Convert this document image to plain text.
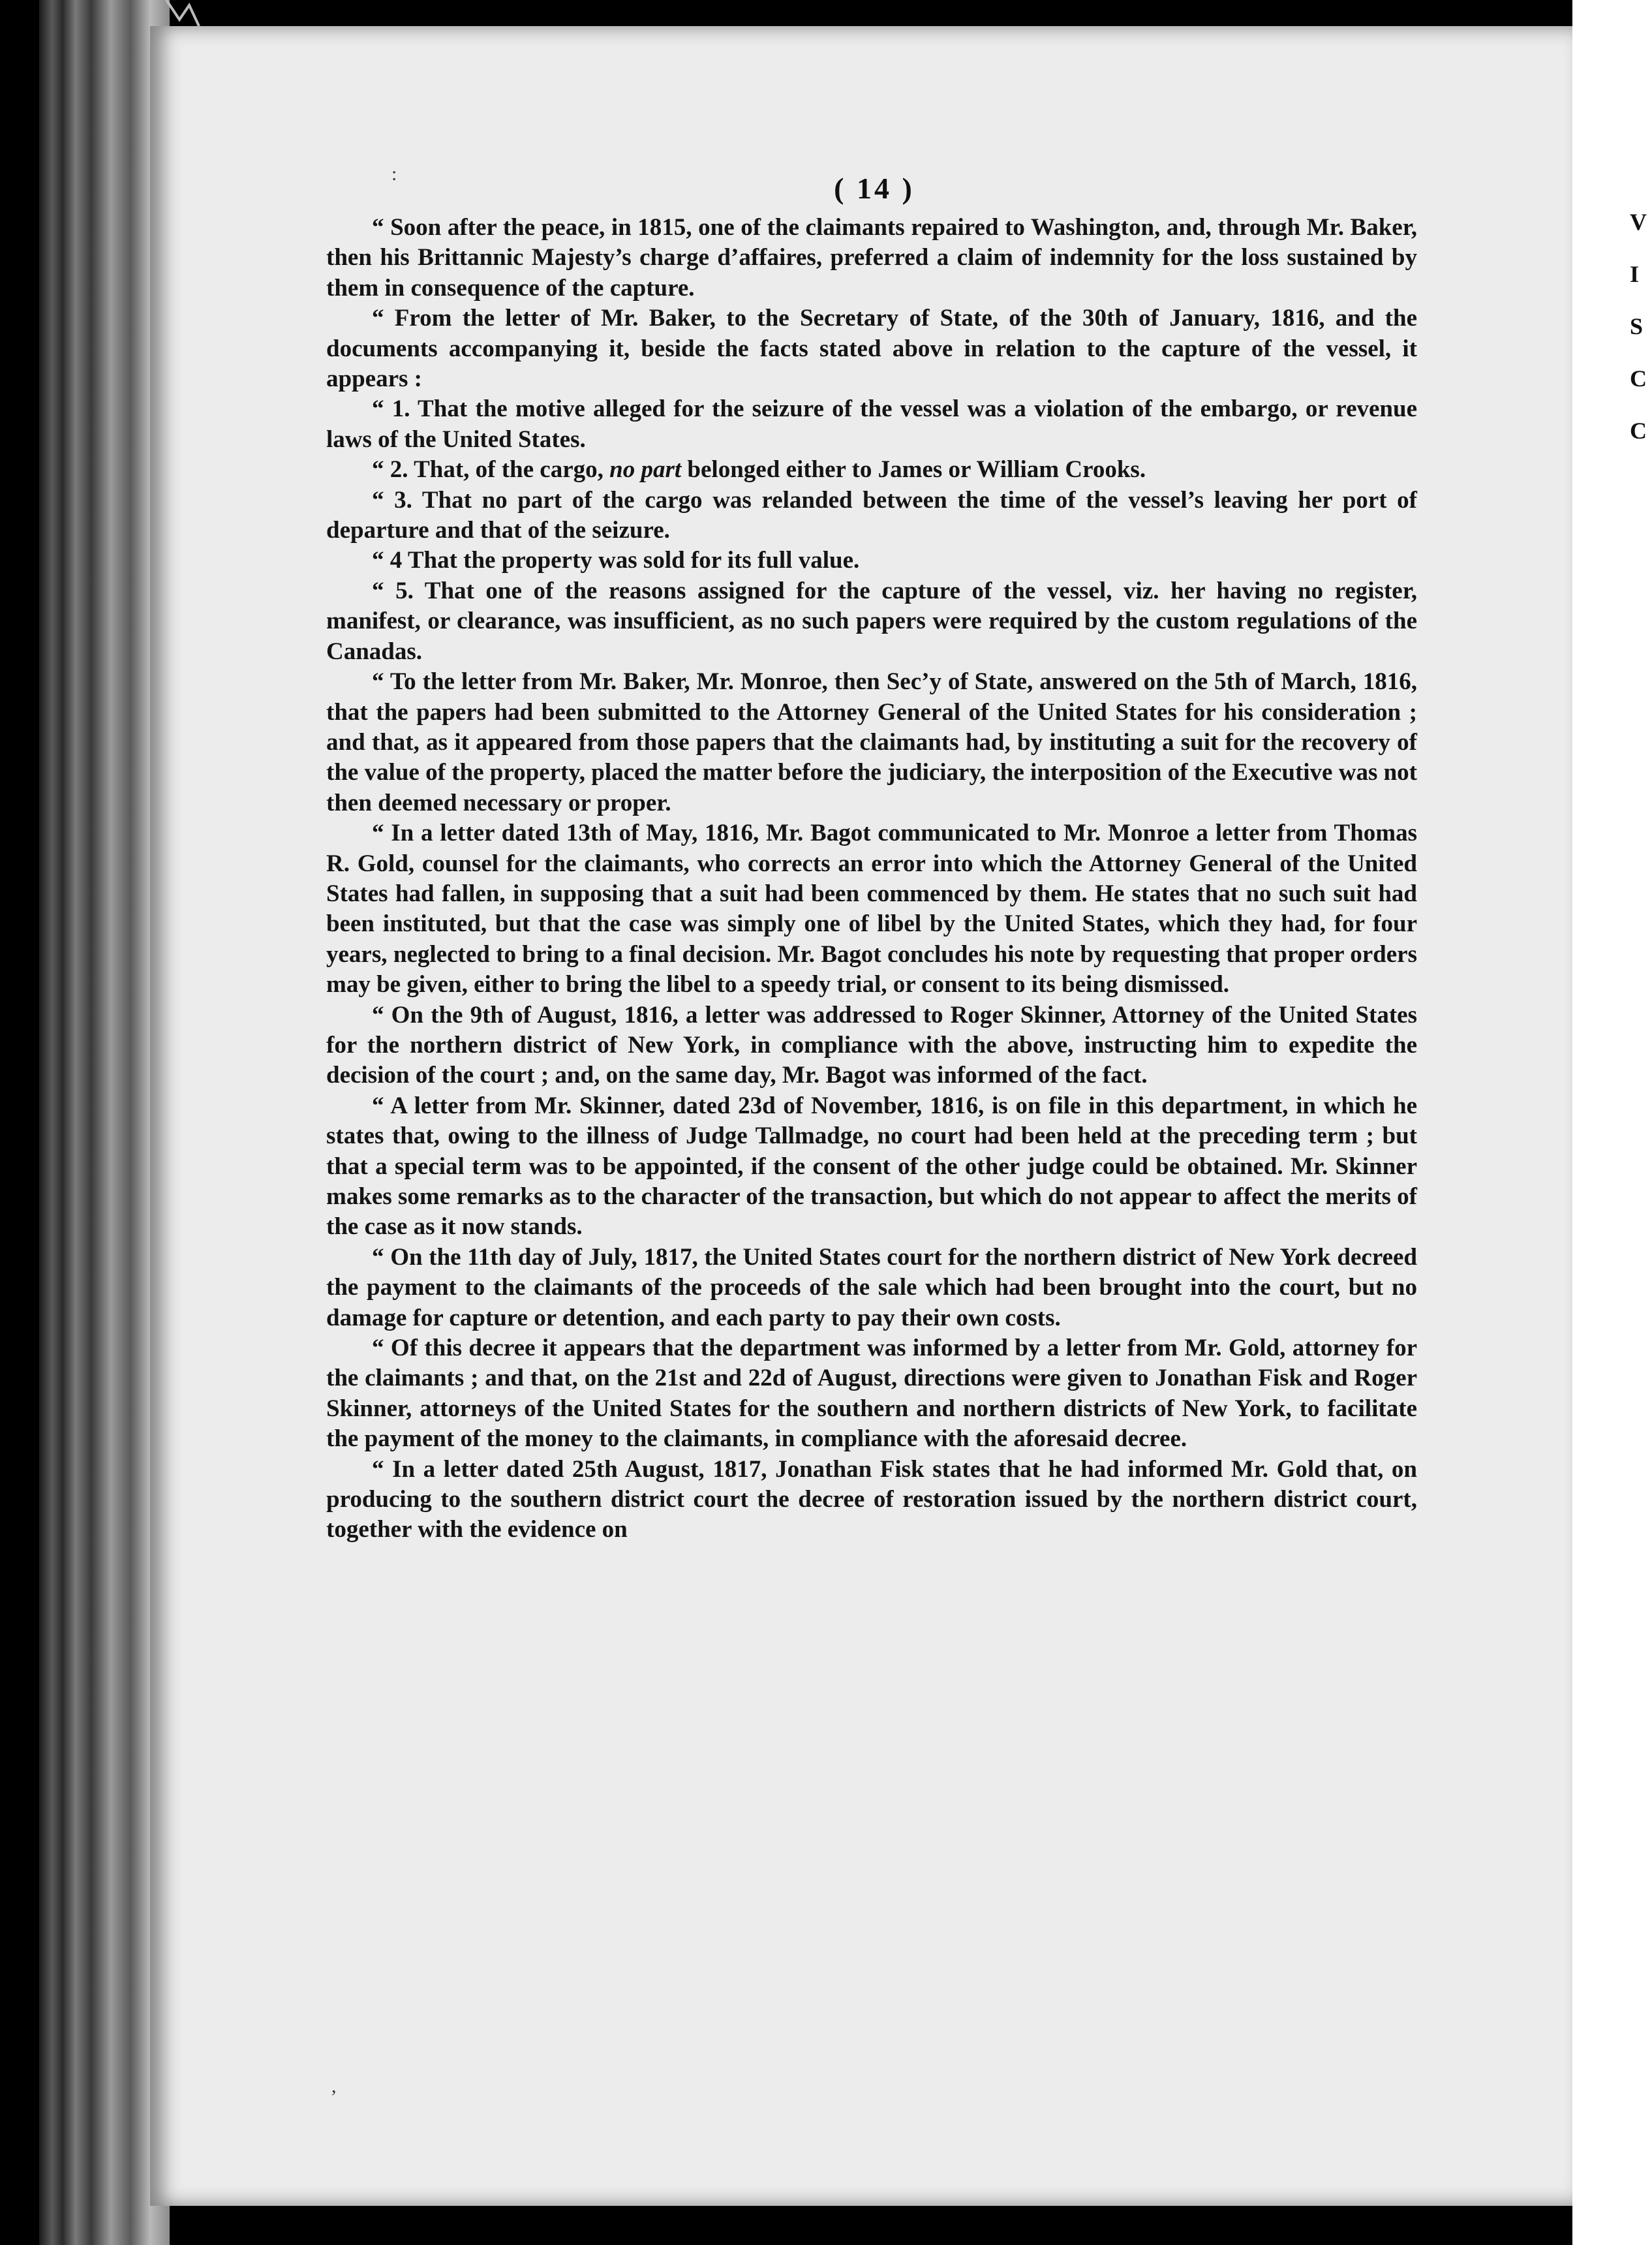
V
I
S
C
C
:
,
( 14 )

“ Soon after the peace, in 1815, one of the claimants repaired to Washington, and, through Mr. Baker, then his Brittannic Majesty’s charge d’affaires, preferred a claim of indemnity for the loss sustained by them in consequence of the capture.

“ From the letter of Mr. Baker, to the Secretary of State, of the 30th of January, 1816, and the documents accompanying it, beside the facts stated above in relation to the capture of the vessel, it appears :

“ 1. That the motive alleged for the seizure of the vessel was a violation of the embargo, or revenue laws of the United States.

“ 2. That, of the cargo, no part belonged either to James or William Crooks.

“ 3. That no part of the cargo was relanded between the time of the vessel’s leaving her port of departure and that of the seizure.

“ 4 That the property was sold for its full value.

“ 5. That one of the reasons assigned for the capture of the vessel, viz. her having no register, manifest, or clearance, was insufficient, as no such papers were required by the custom regulations of the Canadas.

“ To the letter from Mr. Baker, Mr. Monroe, then Sec’y of State, answered on the 5th of March, 1816, that the papers had been submitted to the Attorney General of the United States for his consideration ; and that, as it appeared from those papers that the claimants had, by instituting a suit for the recovery of the value of the property, placed the matter before the judiciary, the interposition of the Executive was not then deemed necessary or proper.

“ In a letter dated 13th of May, 1816, Mr. Bagot communicated to Mr. Monroe a letter from Thomas R. Gold, counsel for the claimants, who corrects an error into which the Attorney General of the United States had fallen, in supposing that a suit had been commenced by them. He states that no such suit had been instituted, but that the case was simply one of libel by the United States, which they had, for four years, neglected to bring to a final decision. Mr. Bagot concludes his note by requesting that proper orders may be given, either to bring the libel to a speedy trial, or consent to its being dismissed.

“ On the 9th of August, 1816, a letter was addressed to Roger Skinner, Attorney of the United States for the northern district of New York, in compliance with the above, instructing him to expedite the decision of the court ; and, on the same day, Mr. Bagot was informed of the fact.

“ A letter from Mr. Skinner, dated 23d of November, 1816, is on file in this department, in which he states that, owing to the illness of Judge Tallmadge, no court had been held at the preceding term ; but that a special term was to be appointed, if the consent of the other judge could be obtained. Mr. Skinner makes some remarks as to the character of the transaction, but which do not appear to affect the merits of the case as it now stands.

“ On the 11th day of July, 1817, the United States court for the northern district of New York decreed the payment to the claimants of the proceeds of the sale which had been brought into the court, but no damage for capture or detention, and each party to pay their own costs.

“ Of this decree it appears that the department was informed by a letter from Mr. Gold, attorney for the claimants ; and that, on the 21st and 22d of August, directions were given to Jonathan Fisk and Roger Skinner, attorneys of the United States for the southern and northern districts of New York, to facilitate the payment of the money to the claimants, in compliance with the aforesaid decree.

“ In a letter dated 25th August, 1817, Jonathan Fisk states that he had informed Mr. Gold that, on producing to the southern district court the decree of restoration issued by the northern district court, together with the evidence on
